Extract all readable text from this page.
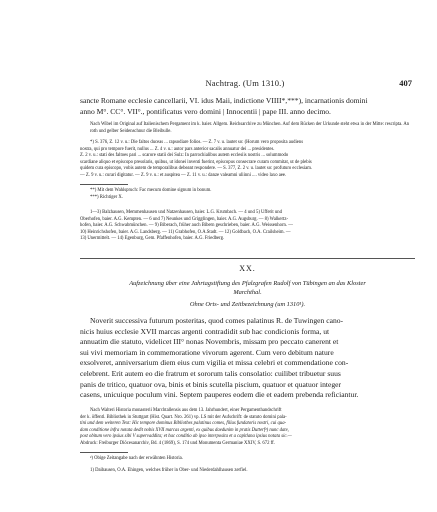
Nachtrag. (Um 1310.)	407
sancte Romane ecclesie cancellarii, VI. idus Maii, indictione VIIII*,***), incarnationis domini
anno M°. CC°. VII°., pontificatus vero domini | Innocentii | pape III. anno decimo.
Nach Wibel im Original auf Italienischem Pergament im k. baier. Allgem. Reichsarchive zu München. Auf dem Rücken der Urkunde steht etwa in der Mitte: rescripta. An roth und gelber Seidenschnur die Bleibulle.
*) S. 376, Z. 12 v. u.: Die faltos duceas ... rapsodiare folios. — Z. 7 v. u. lautet so: (Horum vero proposita audiens
nostra, qui pro tempore fuerit, nullus ... Z. 4 v. u.: autor pars anterior sacalis annuatur dei ... presidentes.
Z. 2 v. u.: stati des faltoes pari ... scarore statii dei Sulz: In parrochialibus autem ecclesiis nostris ... solummodo
scardiane aliquo et episcopo presolaris, quibus, ut idonei inventi fuerint, episcopus consecrare curam commitat, ut de plebis
quidem cura episcopo, vobis autem de temporalibus debeant respondere. — S. 377, Z. 2 v. u. lautet so: profuturo ecclesiam.
— Z. 9 v. u.: curari digitatur. — Z. 9 v. u.: et auspitea — Z. 11 v. u.: danze valeamni uliinni .... video laxo aee.
**) Mit dem Wahlspruch: Fac mecum domine signum in bonum.
***) Richtiger X.
1—3) Balzhausen, Memmenhausen und Natzenhausen, baier. L.G. Krumbach. — 4 und 5) Ufferit und
Oberhofen, baier. A.G. Kempten. — 6 und 7) Neunkes und Grigglingen, baier. A.G. Augsburg. — 8) Walkertz-
hofen, baier. A.G. Schwabmünchen. — 9) Biberach, früher auch Bibern geschrieben, baier. A.G. Weissenhorn. —
10) Heinrichshofen, baier. A.G. Landsberg. — 11) Grabhofen, O.A.Stadt. — 12) Goldbach, O.A. Crailsheim. —
13) Unermittelt. — 14) Egenburg, Gem. Pfaffenhofen, baier. A.G. Friedberg.
XX.
Aufzeichnung über eine Jahrtagstiftung des Pfalzgrafen Rudolf von Tübingen an das Kloster
Marchthal.
Ohne Orts- und Zeitbezeichnung (um 1310¹).
Noverit successiva futurum posteritas, quod comes palatinus R. de Tuwingen cano-
nicis huius ecclesie XVII marcas argenti contradidit sub hac condicionis forma, ut
annuatim die statuto, videlicet III° nonas Novembris, missam pro peccato canerent et
sui vivi memoriam in commemoratione vivorum agerent. Cum vero debitum nature
exsolveret, anniversarium diem eius cum vigilia et missa celebri et commendatione con-
celebrent. Erit autem eo die fratrum et sororum talis consolatio: cuilibet tribuetur suus
panis de tritico, quatuor ova, binis et binis scutella piscium, quatuor et quatuor integer
casens, unicuique poculum vini. Septem pauperes eodem die et eadem prebenda reficiantur.
Nach Walteri Historia monasterii Marchtallensis aus dem 13. Jahrhundert, einer Pergamenthandschrift
der k. öffentl. Bibliothek in Stuttgart (Hist. Quart. Nro. 261) vp. LS mit der Aufschrift: de statuto domini pala-
tini und dem weiteren Text: Hic tempore dominus Bibliothes palatinus comes, filius fundatoris nostri, cui qua-
dam conditione infra notata dedit nobis XVII marcas argenti, ex quibus daedunim in pratis Dutterf²) nunc date,
post obitum vero ipsius sibi V supervaddita; et hac conditio ab ipso interposita et a capitlana ipsius notata sic.—
Abdruck: Freiburger Diöcesanarchiv, Bd. 4 (1869), S. 174 und Monumenta Germaniae XXIV, S. 672 ff.
²) Obige Zeitangabe nach der erwähnten Historia.
1) Daibausen, O.A. Ehingen, welches früher in Ober- und Niederdahlhausen zerfiel.
